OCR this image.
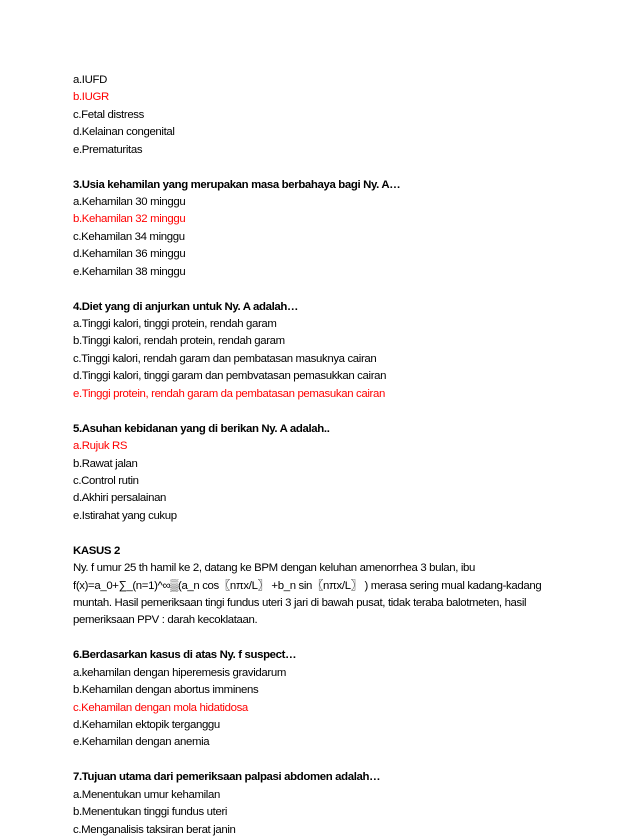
a.IUFD
b.IUGR
c.Fetal distress
d.Kelainan congenital
e.Prematuritas
3.Usia kehamilan yang merupakan masa berbahaya bagi Ny. A…
a.Kehamilan 30 minggu
b.Kehamilan 32 minggu
c.Kehamilan 34 minggu
d.Kehamilan 36 minggu
e.Kehamilan 38 minggu
4.Diet yang di anjurkan untuk Ny. A adalah…
a.Tinggi kalori, tinggi protein, rendah garam
b.Tinggi kalori, rendah protein, rendah garam
c.Tinggi kalori, rendah garam dan pembatasan masuknya cairan
d.Tinggi kalori, tinggi garam dan pembvatasan pemasukkan cairan
e.Tinggi protein, rendah garam da pembatasan pemasukan cairan
5.Asuhan kebidanan yang di berikan Ny. A adalah..
a.Rujuk RS
b.Rawat jalan
c.Control rutin
d.Akhiri persalainan
e.Istirahat yang cukup
KASUS 2
Ny. f umur 25 th hamil ke 2, datang ke BPM dengan keluhan amenorrhea 3 bulan, ibu
f(x)=a_0+∑_(n=1)^∞▒(a_n cos〖nπx/L〗 +b_n sin〖nπx/L〗 ) merasa sering mual kadang-kadang
muntah. Hasil pemeriksaan tingi fundus uteri 3 jari di bawah pusat, tidak teraba balotmeten, hasil
pemeriksaan PPV : darah kecoklataan.
6.Berdasarkan kasus di atas Ny. f suspect…
a.kehamilan dengan hiperemesis gravidarum
b.Kehamilan dengan abortus imminens
c.Kehamilan dengan mola hidatidosa
d.Kehamilan ektopik terganggu
e.Kehamilan dengan anemia
7.Tujuan utama dari pemeriksaan palpasi abdomen adalah…
a.Menentukan umur kehamilan
b.Menentukan tinggi fundus uteri
c.Menganalisis taksiran berat janin
